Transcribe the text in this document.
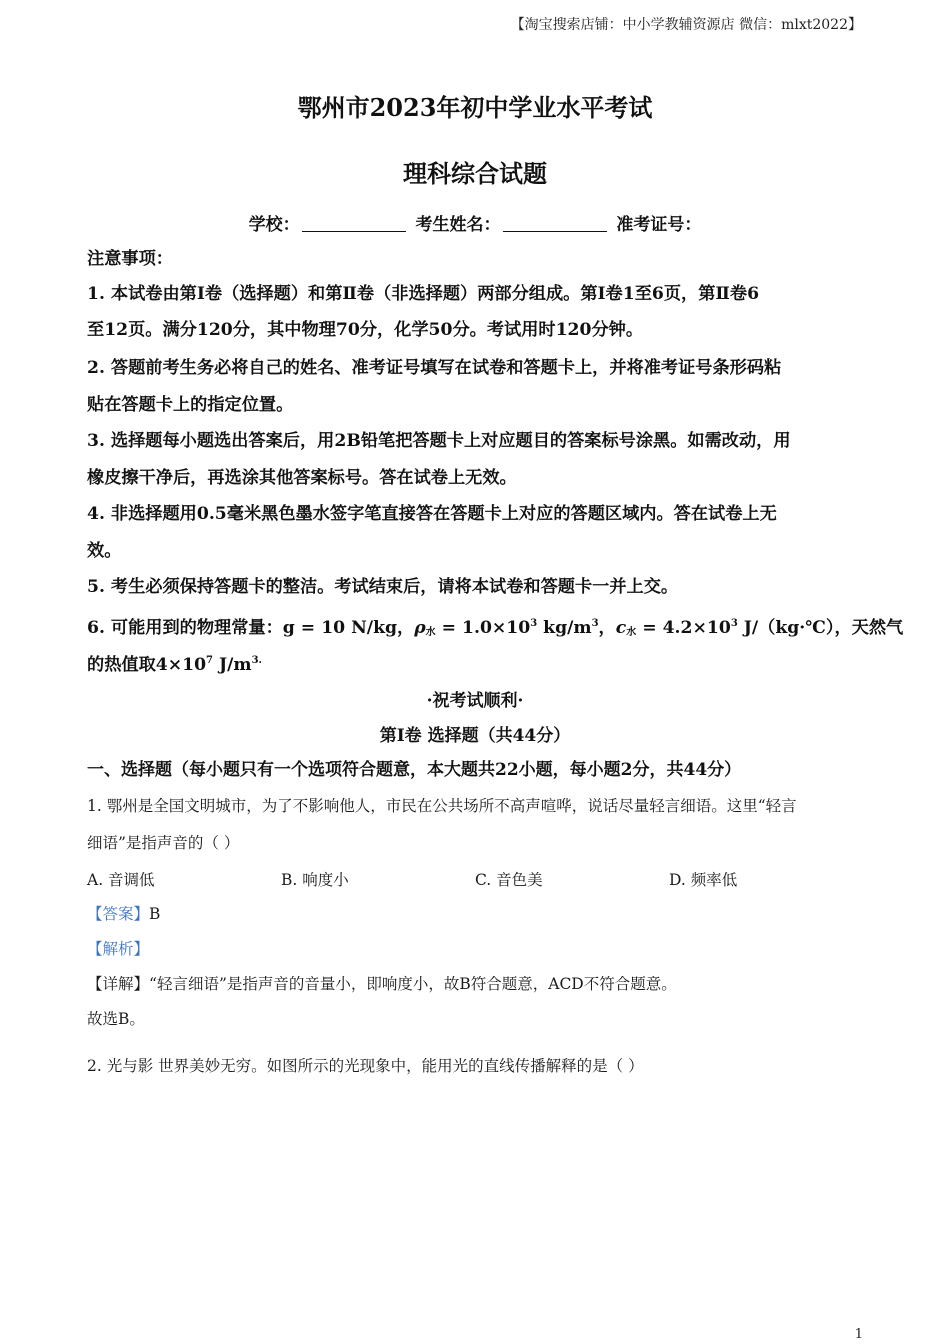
【淘宝搜索店铺：中小学教辅资源店 微信：mlxt2022】
鄂州市2023年初中学业水平考试
理科综合试题
学校：	考生姓名：	准考证号：
注意事项：
1. 本试卷由第Ⅰ卷（选择题）和第Ⅱ卷（非选择题）两部分组成。第Ⅰ卷1至6页，第Ⅱ卷6
至12页。满分120分，其中物理70分，化学50分。考试用时120分钟。
2. 答题前考生务必将自己的姓名、准考证号填写在试卷和答题卡上，并将准考证号条形码粘
贴在答题卡上的指定位置。
3. 选择题每小题选出答案后，用2B铅笔把答题卡上对应题目的答案标号涂黑。如需改动，用
橡皮擦干净后，再选涂其他答案标号。答在试卷上无效。
4. 非选择题用0.5毫米黑色墨水签字笔直接答在答题卡上对应的答题区域内。答在试卷上无
效。
5. 考生必须保持答题卡的整洁。考试结束后，请将本试卷和答题卡一并上交。
6. 可能用到的物理常量：g = 10 N/kg，$\rho_水 = 1.0\times 10^3$ $kg/m^3$，$c_水 = 4.2\times 10^3$ J/（kg·℃），天然气
的热值取$4\times 10^7$ $J/m^{3.}$
·祝考试顺利·
第Ⅰ卷 选择题（共44分）
一、选择题（每小题只有一个选项符合题意，本大题共22小题，每小题2分，共44分）
1. 鄂州是全国文明城市，为了不影响他人，市民在公共场所不高声喧哗，说话尽量轻言细语。这里“轻言
细语”是指声音的（ ）
A. 音调低	B. 响度小	C. 音色美	D. 频率低
【答案】B
【解析】
【详解】“轻言细语”是指声音的音量小，即响度小，故B符合题意，ACD不符合题意。
故选B。
2. 光与影 世界美妙无穷。如图所示的光现象中，能用光的直线传播解释的是（ ）
1
